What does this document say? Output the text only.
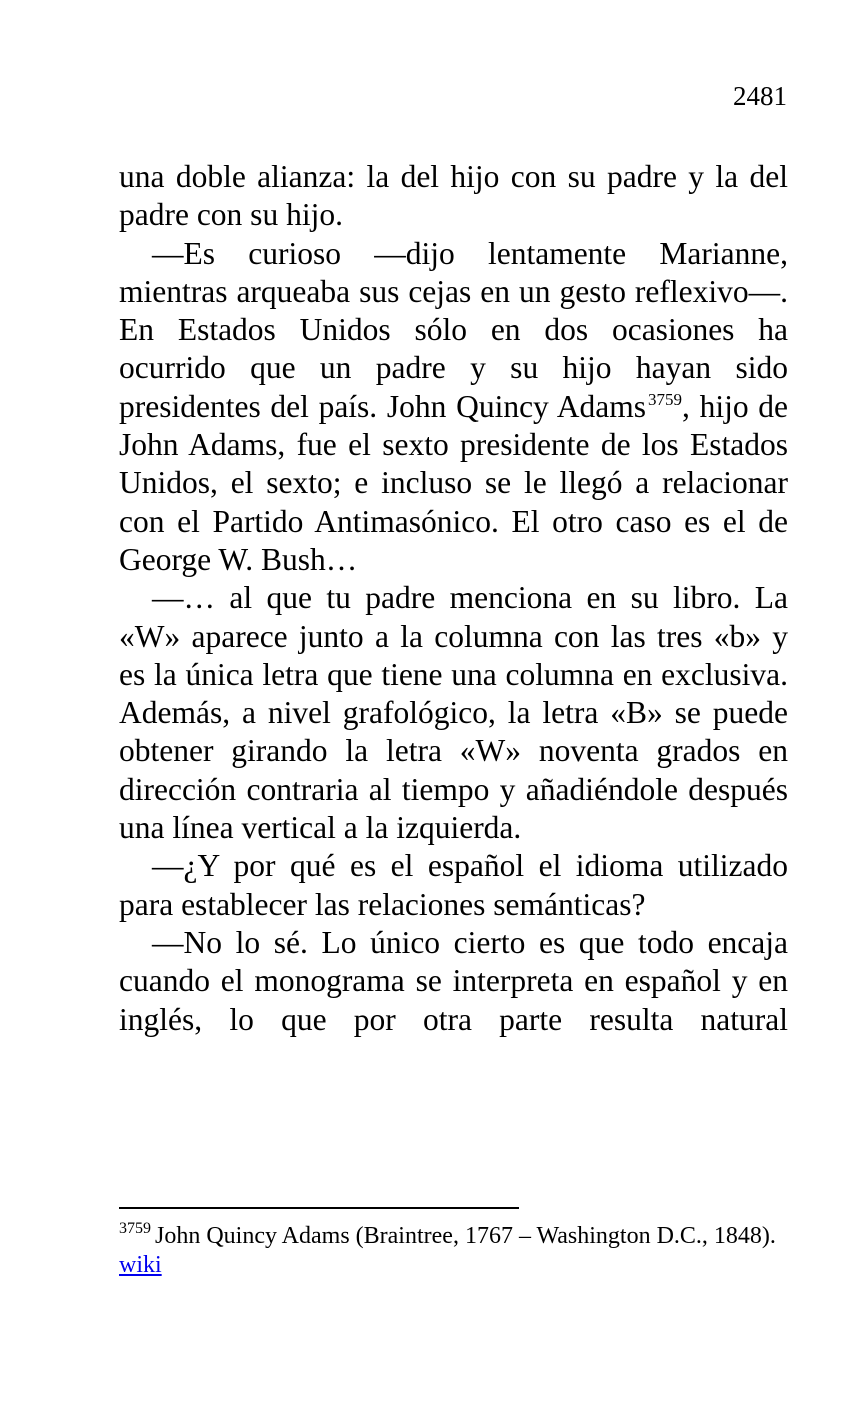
2481

una doble alianza: la del hijo con su padre y la del padre con su hijo.

—Es curioso —dijo lentamente Marianne, mientras arqueaba sus cejas en un gesto reflexivo—. En Estados Unidos sólo en dos ocasiones ha ocurrido que un padre y su hijo hayan sido presidentes del país. John Quincy Adams $^{3759}$, hijo de John Adams, fue el sexto presidente de los Estados Unidos, el sexto; e incluso se le llegó a relacionar con el Partido Antimasónico. El otro caso es el de George W. Bush…

—… al que tu padre menciona en su libro. La «W» aparece junto a la columna con las tres «b» y es la única letra que tiene una columna en exclusiva. Además, a nivel grafológico, la letra «B» se puede obtener girando la letra «W» noventa grados en dirección contraria al tiempo y añadiéndole después una línea vertical a la izquierda.

—¿Y por qué es el español el idioma utilizado para establecer las relaciones semánticas?

—No lo sé. Lo único cierto es que todo encaja cuando el monograma se interpreta en español y en inglés, lo que por otra parte resulta natural

$^{3759}$ John Quincy Adams (Braintree, 1767 – Washington D.C., 1848).

wiki
